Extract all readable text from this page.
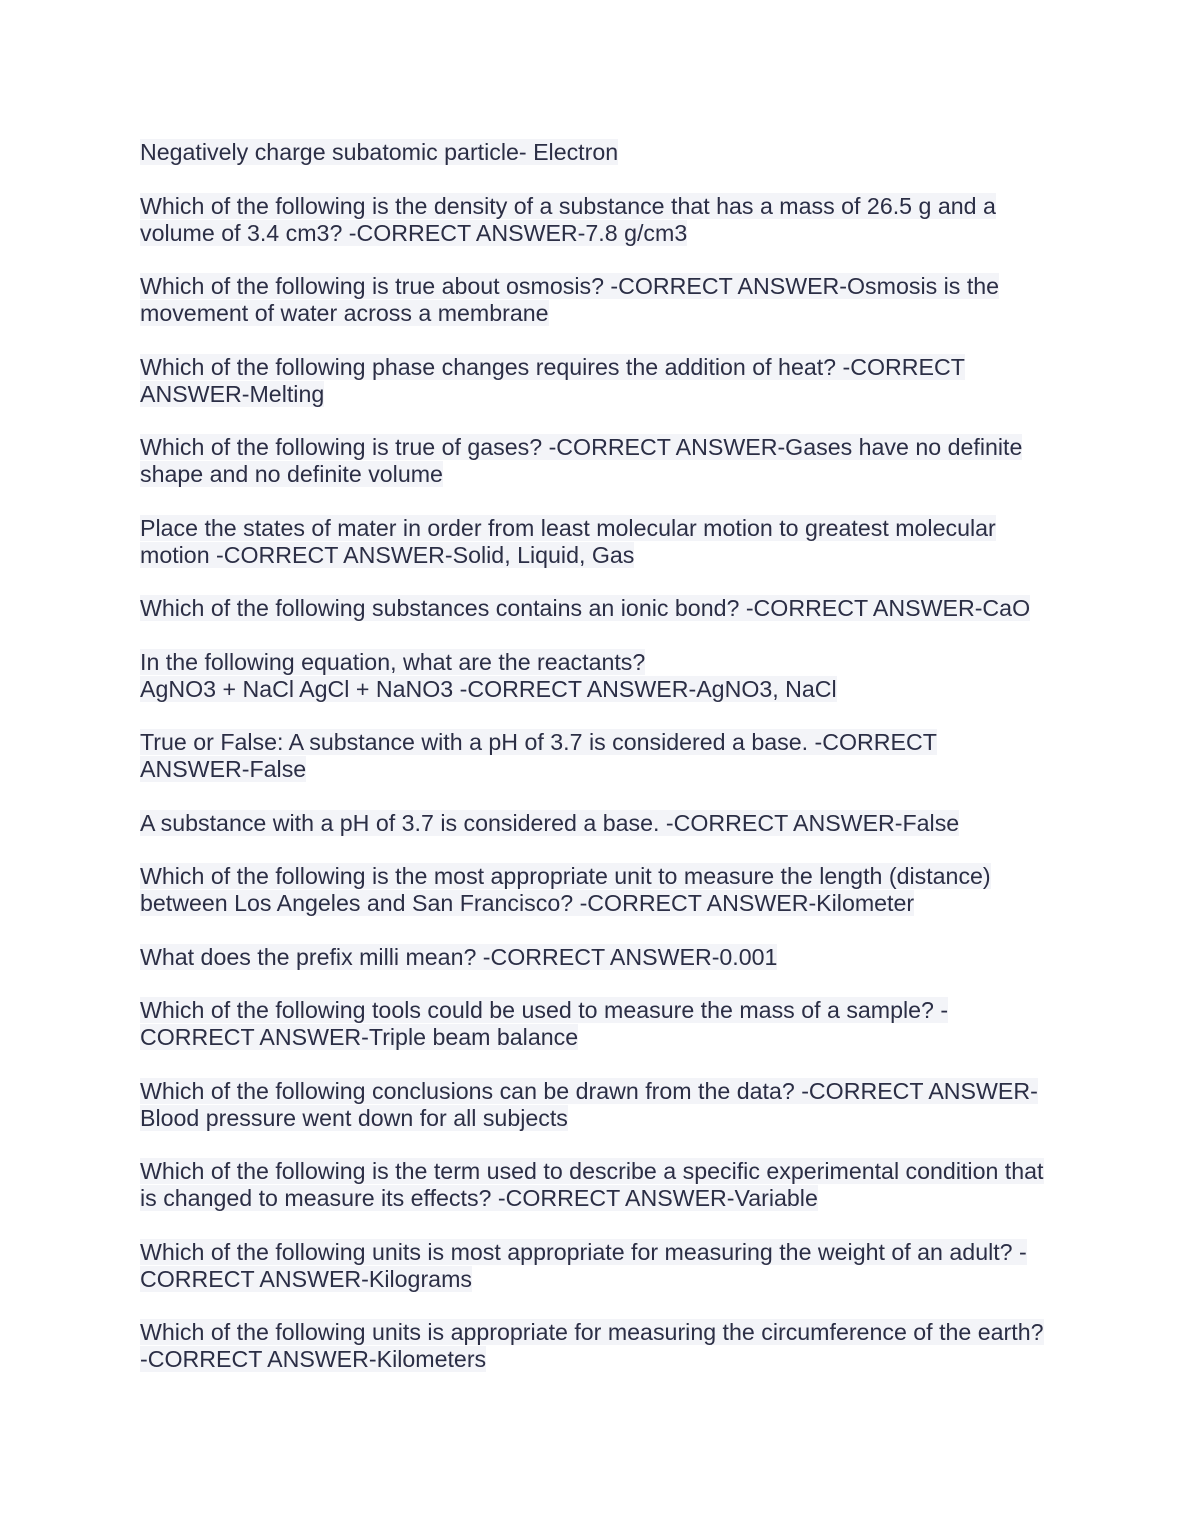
Negatively charge subatomic particle- Electron
Which of the following is the density of a substance that has a mass of 26.5 g and a
volume of 3.4 cm3? -CORRECT ANSWER-7.8 g/cm3
Which of the following is true about osmosis? -CORRECT ANSWER-Osmosis is the
movement of water across a membrane
Which of the following phase changes requires the addition of heat? -CORRECT
ANSWER-Melting
Which of the following is true of gases? -CORRECT ANSWER-Gases have no definite
shape and no definite volume
Place the states of mater in order from least molecular motion to greatest molecular
motion -CORRECT ANSWER-Solid, Liquid, Gas
Which of the following substances contains an ionic bond? -CORRECT ANSWER-CaO
In the following equation, what are the reactants?
AgNO3 + NaCl AgCl + NaNO3 -CORRECT ANSWER-AgNO3, NaCl
True or False: A substance with a pH of 3.7 is considered a base. -CORRECT
ANSWER-False
A substance with a pH of 3.7 is considered a base. -CORRECT ANSWER-False
Which of the following is the most appropriate unit to measure the length (distance)
between Los Angeles and San Francisco? -CORRECT ANSWER-Kilometer
What does the prefix milli mean? -CORRECT ANSWER-0.001
Which of the following tools could be used to measure the mass of a sample? -
CORRECT ANSWER-Triple beam balance
Which of the following conclusions can be drawn from the data? -CORRECT ANSWER-
Blood pressure went down for all subjects
Which of the following is the term used to describe a specific experimental condition that
is changed to measure its effects? -CORRECT ANSWER-Variable
Which of the following units is most appropriate for measuring the weight of an adult? -
CORRECT ANSWER-Kilograms
Which of the following units is appropriate for measuring the circumference of the earth?
-CORRECT ANSWER-Kilometers
